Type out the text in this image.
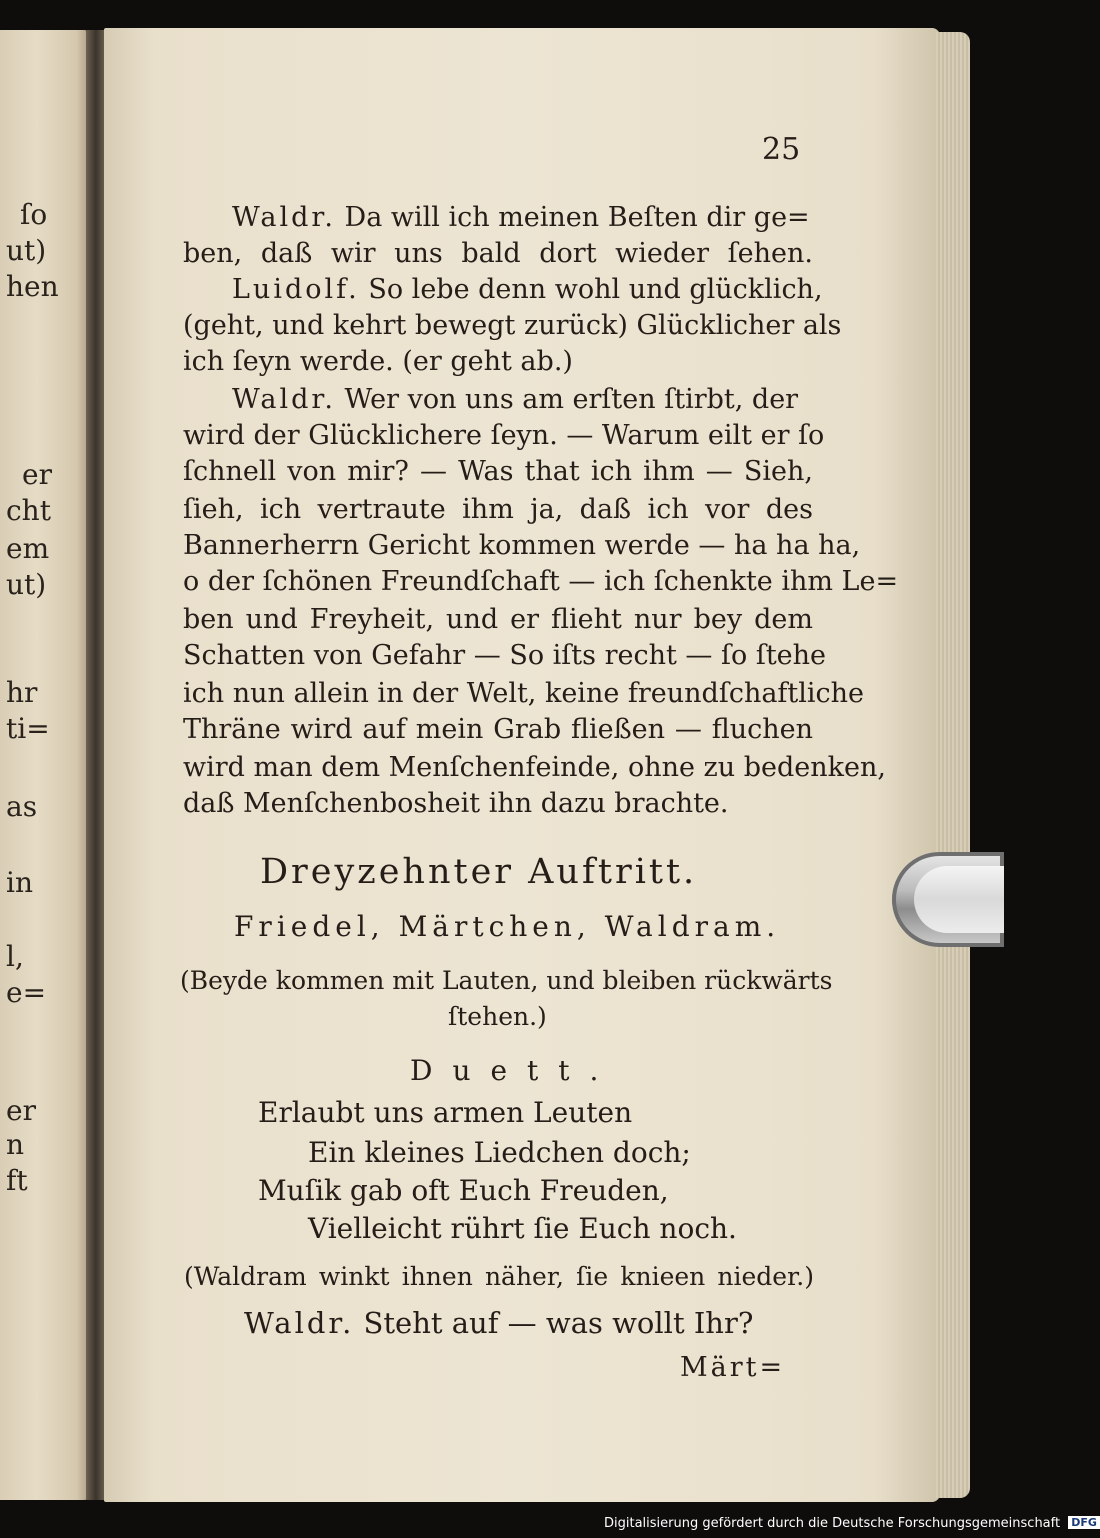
ſo
ut)
hen
er
cht
em
ut)
hr
ti=
as
in
l,
e=
er
n
ft
25
Waldr. Da will ich meinen Beſten dir ge=
ben, daß wir uns bald dort wieder ſehen.
Luidolf. So lebe denn wohl und glücklich,
(geht, und kehrt bewegt zurück) Glücklicher als
ich ſeyn werde. (er geht ab.)
Waldr. Wer von uns am erſten ſtirbt, der
wird der Glücklichere ſeyn. — Warum eilt er ſo
ſchnell von mir? — Was that ich ihm — Sieh,
ſieh, ich vertraute ihm ja, daß ich vor des
Bannerherrn Gericht kommen werde — ha ha ha,
o der ſchönen Freundſchaft — ich ſchenkte ihm Le=
ben und Freyheit, und er flieht nur bey dem
Schatten von Gefahr — So iſts recht — ſo ſtehe
ich nun allein in der Welt, keine freundſchaftliche
Thräne wird auf mein Grab fließen — fluchen
wird man dem Menſchenfeinde, ohne zu bedenken,
daß Menſchenbosheit ihn dazu brachte.
Dreyzehnter Auftritt.
Friedel, Märtchen, Waldram.
(Beyde kommen mit Lauten, und bleiben rückwärts
ſtehen.)
Duett.
Erlaubt uns armen Leuten
Ein kleines Liedchen doch;
Muſik gab oft Euch Freuden,
Vielleicht rührt ſie Euch noch.
(Waldram winkt ihnen näher, ſie knieen nieder.)
Waldr. Steht auf — was wollt Ihr?
Märt=
Digitalisierung gefördert durch die Deutsche Forschungsgemeinschaft DFG
